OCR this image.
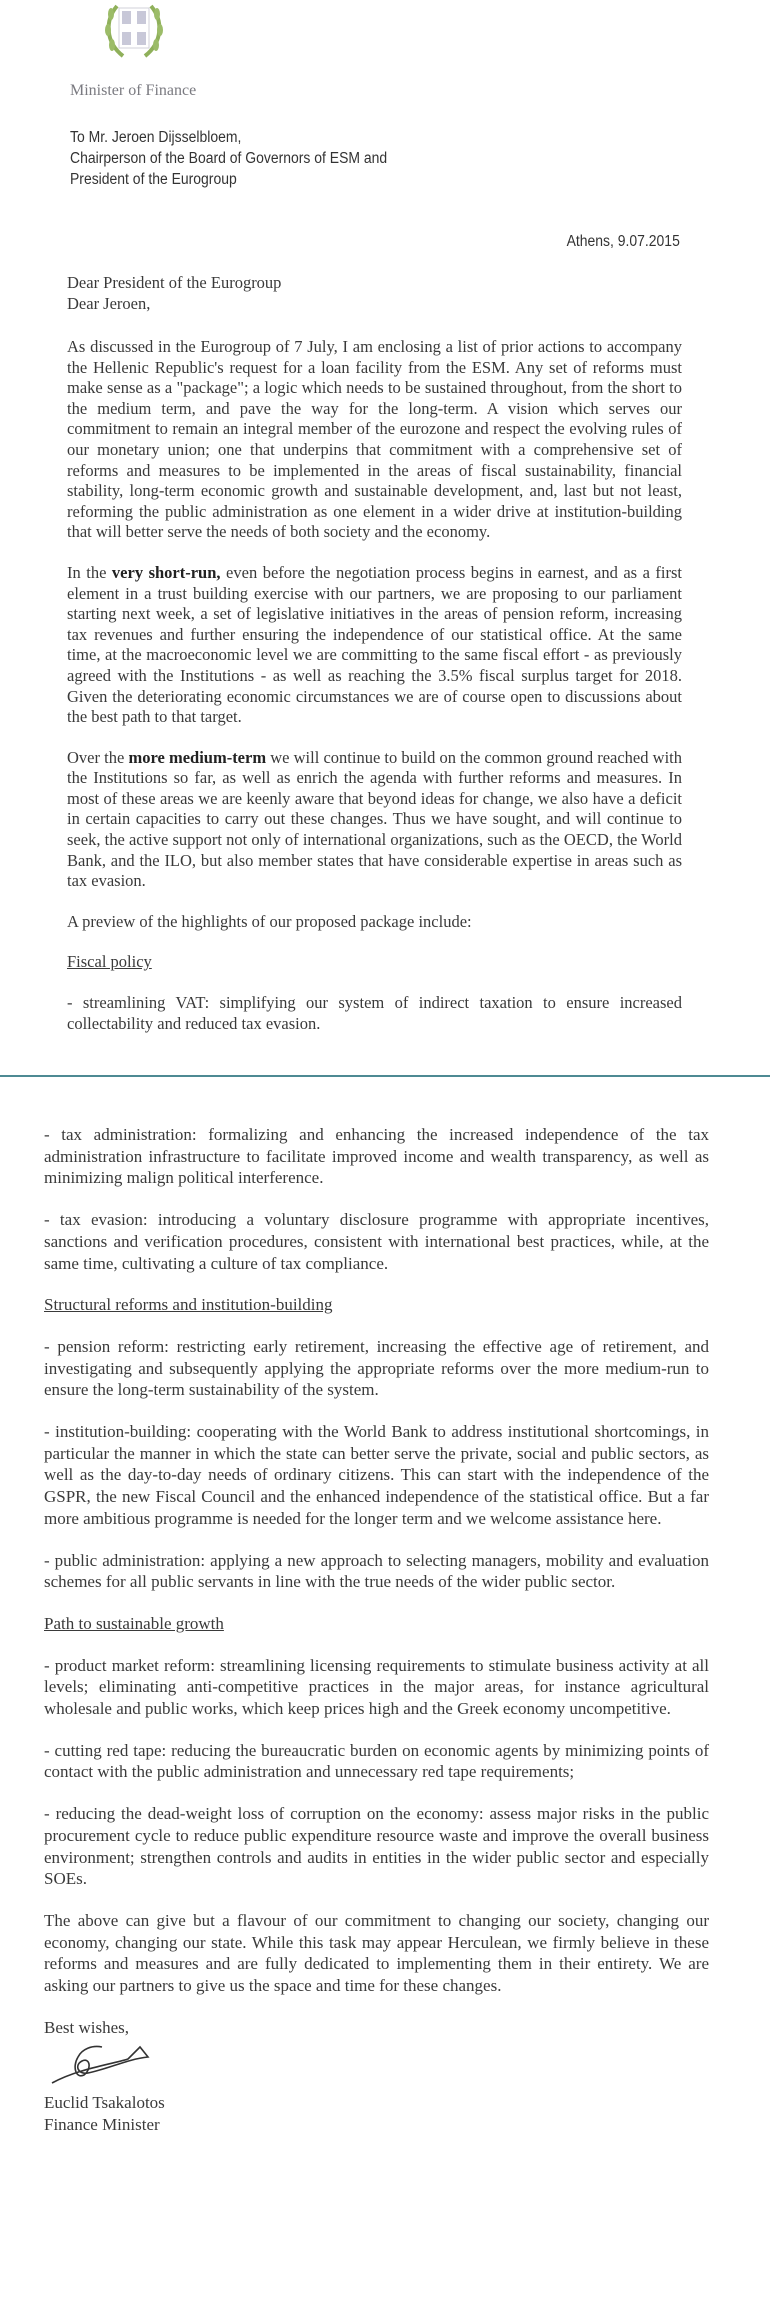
Minister of Finance
To Mr. Jeroen Dijsselbloem,
Chairperson of the Board of Governors of ESM and
President of the Eurogroup
Athens, 9.07.2015
Dear President of the Eurogroup
Dear Jeroen,

As discussed in the Eurogroup of 7 July, I am enclosing a list of prior actions to accompany the Hellenic Republic's request for a loan facility from the ESM. Any set of reforms must make sense as a "package"; a logic which needs to be sustained throughout, from the short to the medium term, and pave the way for the long-term. A vision which serves our commitment to remain an integral member of the eurozone and respect the evolving rules of our monetary union; one that underpins that commitment with a comprehensive set of reforms and measures to be implemented in the areas of fiscal sustainability, financial stability, long-term economic growth and sustainable development, and, last but not least, reforming the public administration as one element in a wider drive at institution-building that will better serve the needs of both society and the economy.

In the very short-run, even before the negotiation process begins in earnest, and as a first element in a trust building exercise with our partners, we are proposing to our parliament starting next week, a set of legislative initiatives in the areas of pension reform, increasing tax revenues and further ensuring the independence of our statistical office. At the same time, at the macroeconomic level we are committing to the same fiscal effort - as previously agreed with the Institutions - as well as reaching the 3.5% fiscal surplus target for 2018. Given the deteriorating economic circumstances we are of course open to discussions about the best path to that target.

Over the more medium-term we will continue to build on the common ground reached with the Institutions so far, as well as enrich the agenda with further reforms and measures. In most of these areas we are keenly aware that beyond ideas for change, we also have a deficit in certain capacities to carry out these changes. Thus we have sought, and will continue to seek, the active support not only of international organizations, such as the OECD, the World Bank, and the ILO, but also member states that have considerable expertise in areas such as tax evasion.

A preview of the highlights of our proposed package include:

Fiscal policy

- streamlining VAT: simplifying our system of indirect taxation to ensure increased collectability and reduced tax evasion.

- tax administration: formalizing and enhancing the increased independence of the tax administration infrastructure to facilitate improved income and wealth transparency, as well as minimizing malign political interference.

- tax evasion: introducing a voluntary disclosure programme with appropriate incentives, sanctions and verification procedures, consistent with international best practices, while, at the same time, cultivating a culture of tax compliance.

Structural reforms and institution-building

- pension reform: restricting early retirement, increasing the effective age of retirement, and investigating and subsequently applying the appropriate reforms over the more medium-run to ensure the long-term sustainability of the system.

- institution-building: cooperating with the World Bank to address institutional shortcomings, in particular the manner in which the state can better serve the private, social and public sectors, as well as the day-to-day needs of ordinary citizens. This can start with the independence of the GSPR, the new Fiscal Council and the enhanced independence of the statistical office. But a far more ambitious programme is needed for the longer term and we welcome assistance here.

- public administration: applying a new approach to selecting managers, mobility and evaluation schemes for all public servants in line with the true needs of the wider public sector.

Path to sustainable growth

- product market reform: streamlining licensing requirements to stimulate business activity at all levels; eliminating anti-competitive practices in the major areas, for instance agricultural wholesale and public works, which keep prices high and the Greek economy uncompetitive.

- cutting red tape: reducing the bureaucratic burden on economic agents by minimizing points of contact with the public administration and unnecessary red tape requirements;

- reducing the dead-weight loss of corruption on the economy: assess major risks in the public procurement cycle to reduce public expenditure resource waste and improve the overall business environment; strengthen controls and audits in entities in the wider public sector and especially SOEs.

The above can give but a flavour of our commitment to changing our society, changing our economy, changing our state. While this task may appear Herculean, we firmly believe in these reforms and measures and are fully dedicated to implementing them in their entirety. We are asking our partners to give us the space and time for these changes.

Best wishes,
Euclid Tsakalotos
Finance Minister
